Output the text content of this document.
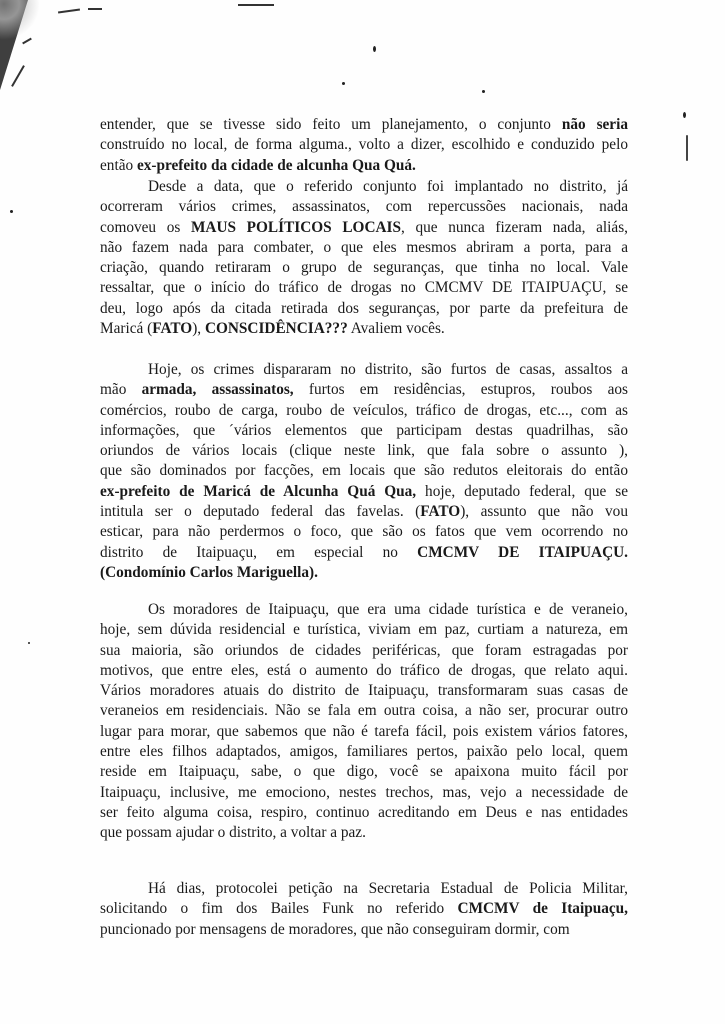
entender, que se tivesse sido feito um planejamento, o conjunto não seria
construído no local, de forma alguma., volto a dizer, escolhido e conduzido pelo
então ex-prefeito da cidade de alcunha Qua Quá.
Desde a data, que o referido conjunto foi implantado no distrito, já
ocorreram vários crimes, assassinatos, com repercussões nacionais, nada
comoveu os MAUS POLÍTICOS LOCAIS, que nunca fizeram nada, aliás,
não fazem nada para combater, o que eles mesmos abriram a porta, para a
criação, quando retiraram o grupo de seguranças, que tinha no local. Vale
ressaltar, que o início do tráfico de drogas no CMCMV DE ITAIPUAÇU, se
deu, logo após da citada retirada dos seguranças, por parte da prefeitura de
Maricá (FATO), CONSCIDÊNCIA??? Avaliem vocês.
Hoje, os crimes dispararam no distrito, são furtos de casas, assaltos a
mão armada, assassinatos, furtos em residências, estupros, roubos aos
comércios, roubo de carga, roubo de veículos, tráfico de drogas, etc..., com as
informações, que ´vários elementos que participam destas quadrilhas, são
oriundos de vários locais (clique neste link, que fala sobre o assunto ),
que são dominados por facções, em locais que são redutos eleitorais do então
ex-prefeito de Maricá de Alcunha Quá Qua, hoje, deputado federal, que se
intitula ser o deputado federal das favelas. (FATO), assunto que não vou
esticar, para não perdermos o foco, que são os fatos que vem ocorrendo no
distrito de Itaipuaçu, em especial no CMCMV DE ITAIPUAÇU.
(Condomínio Carlos Mariguella).
Os moradores de Itaipuaçu, que era uma cidade turística e de veraneio,
hoje, sem dúvida residencial e turística, viviam em paz, curtiam a natureza, em
sua maioria, são oriundos de cidades periféricas, que foram estragadas por
motivos, que entre eles, está o aumento do tráfico de drogas, que relato aqui.
Vários moradores atuais do distrito de Itaipuaçu, transformaram suas casas de
veraneios em residenciais. Não se fala em outra coisa, a não ser, procurar outro
lugar para morar, que sabemos que não é tarefa fácil, pois existem vários fatores,
entre eles filhos adaptados, amigos, familiares pertos, paixão pelo local, quem
reside em Itaipuaçu, sabe, o que digo, você se apaixona muito fácil por
Itaipuaçu, inclusive, me emociono, nestes trechos, mas, vejo a necessidade de
ser feito alguma coisa, respiro, continuo acreditando em Deus e nas entidades
que possam ajudar o distrito, a voltar a paz.
Há dias, protocolei petição na Secretaria Estadual de Policia Militar,
solicitando o fim dos Bailes Funk no referido CMCMV de Itaipuaçu,
puncionado por mensagens de moradores, que não conseguiram dormir, com
